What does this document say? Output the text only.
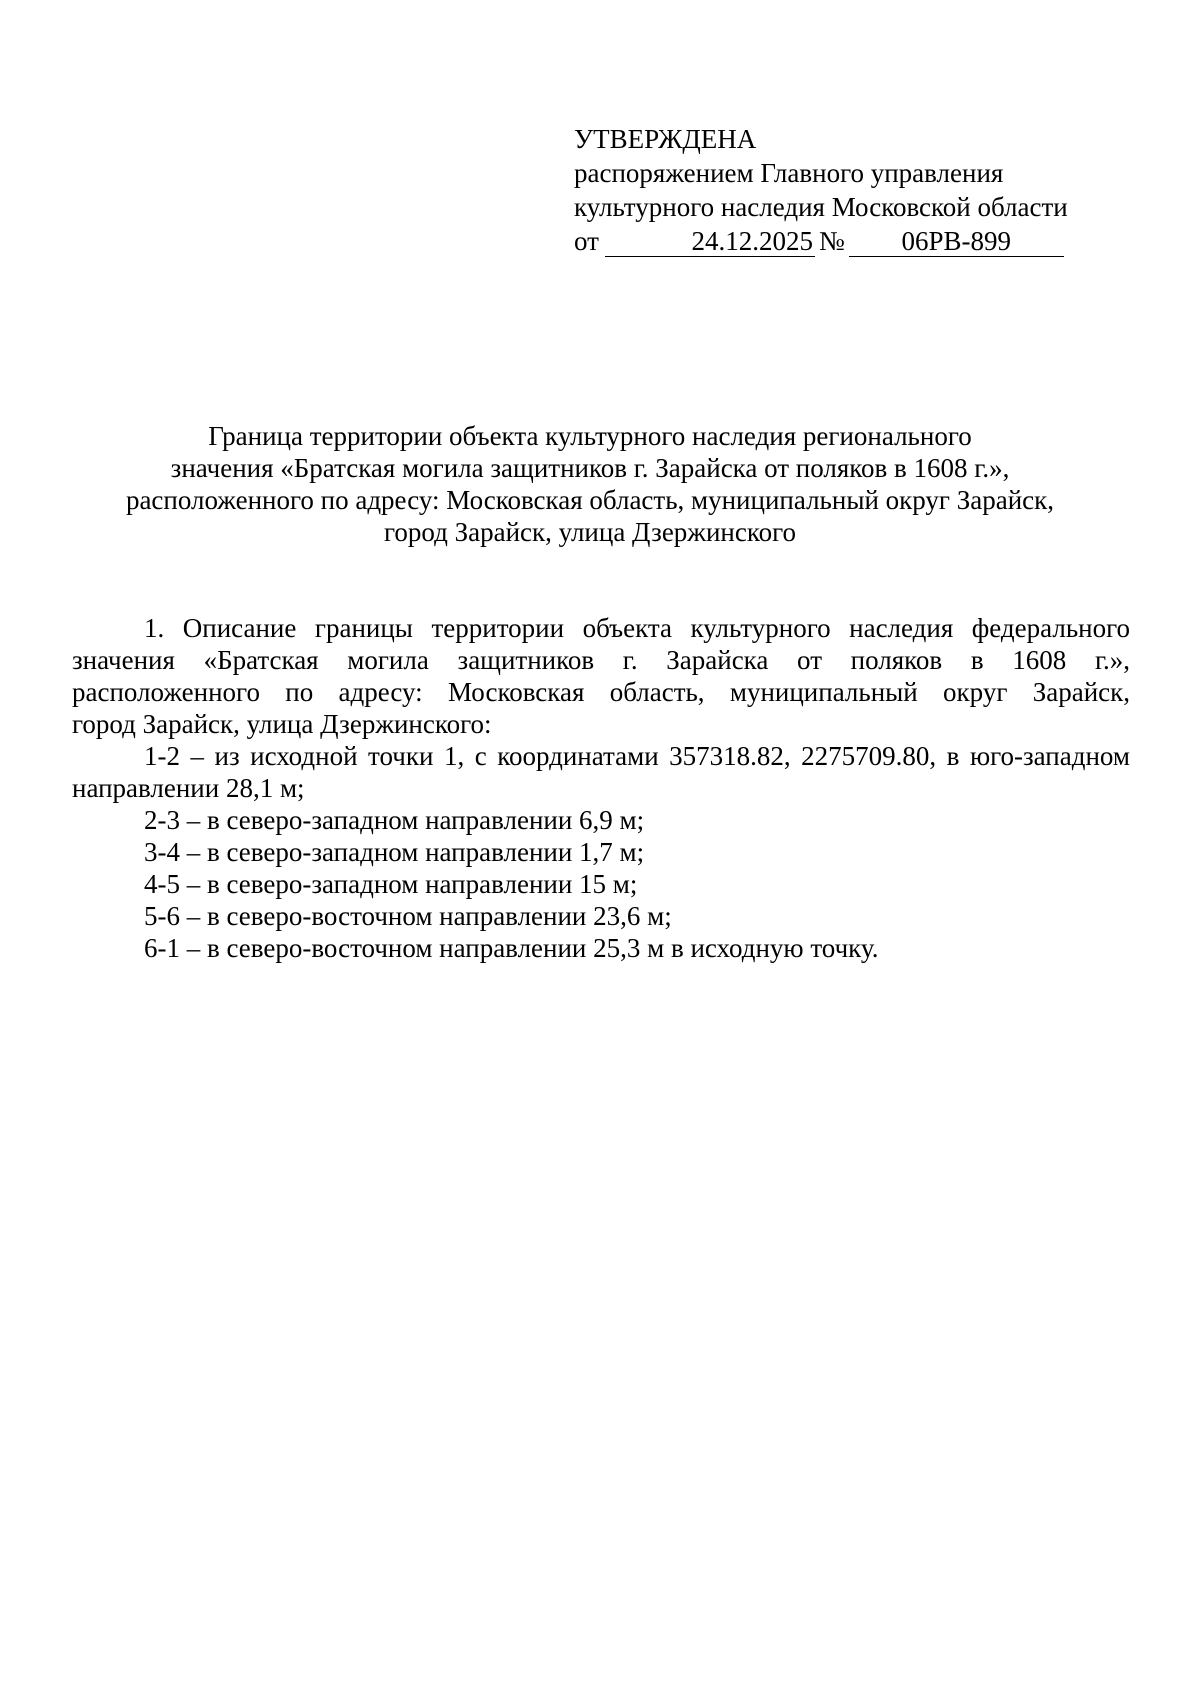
УТВЕРЖДЕНА
распоряжением Главного управления
культурного наследия Московской области
от	24.12.2025 №	06РВ-899
Граница территории объекта культурного наследия регионального
значения «Братская могила защитников г. Зарайска от поляков в 1608 г.»,
расположенного по адресу: Московская область, муниципальный округ Зарайск,
город Зарайск, улица Дзержинского
1. Описание границы территории объекта культурного наследия федерального
значения «Братская могила защитников г. Зарайска от поляков в 1608 г.»,
расположенного по адресу: Московская область, муниципальный округ Зарайск,
город Зарайск, улица Дзержинского:
1-2 – из исходной точки 1, с координатами 357318.82, 2275709.80, в юго-западном
направлении 28,1 м;
2-3 – в северо-западном направлении 6,9 м;
3-4 – в северо-западном направлении 1,7 м;
4-5 – в северо-западном направлении 15 м;
5-6 – в северо-восточном направлении 23,6 м;
6-1 – в северо-восточном направлении 25,3 м в исходную точку.
